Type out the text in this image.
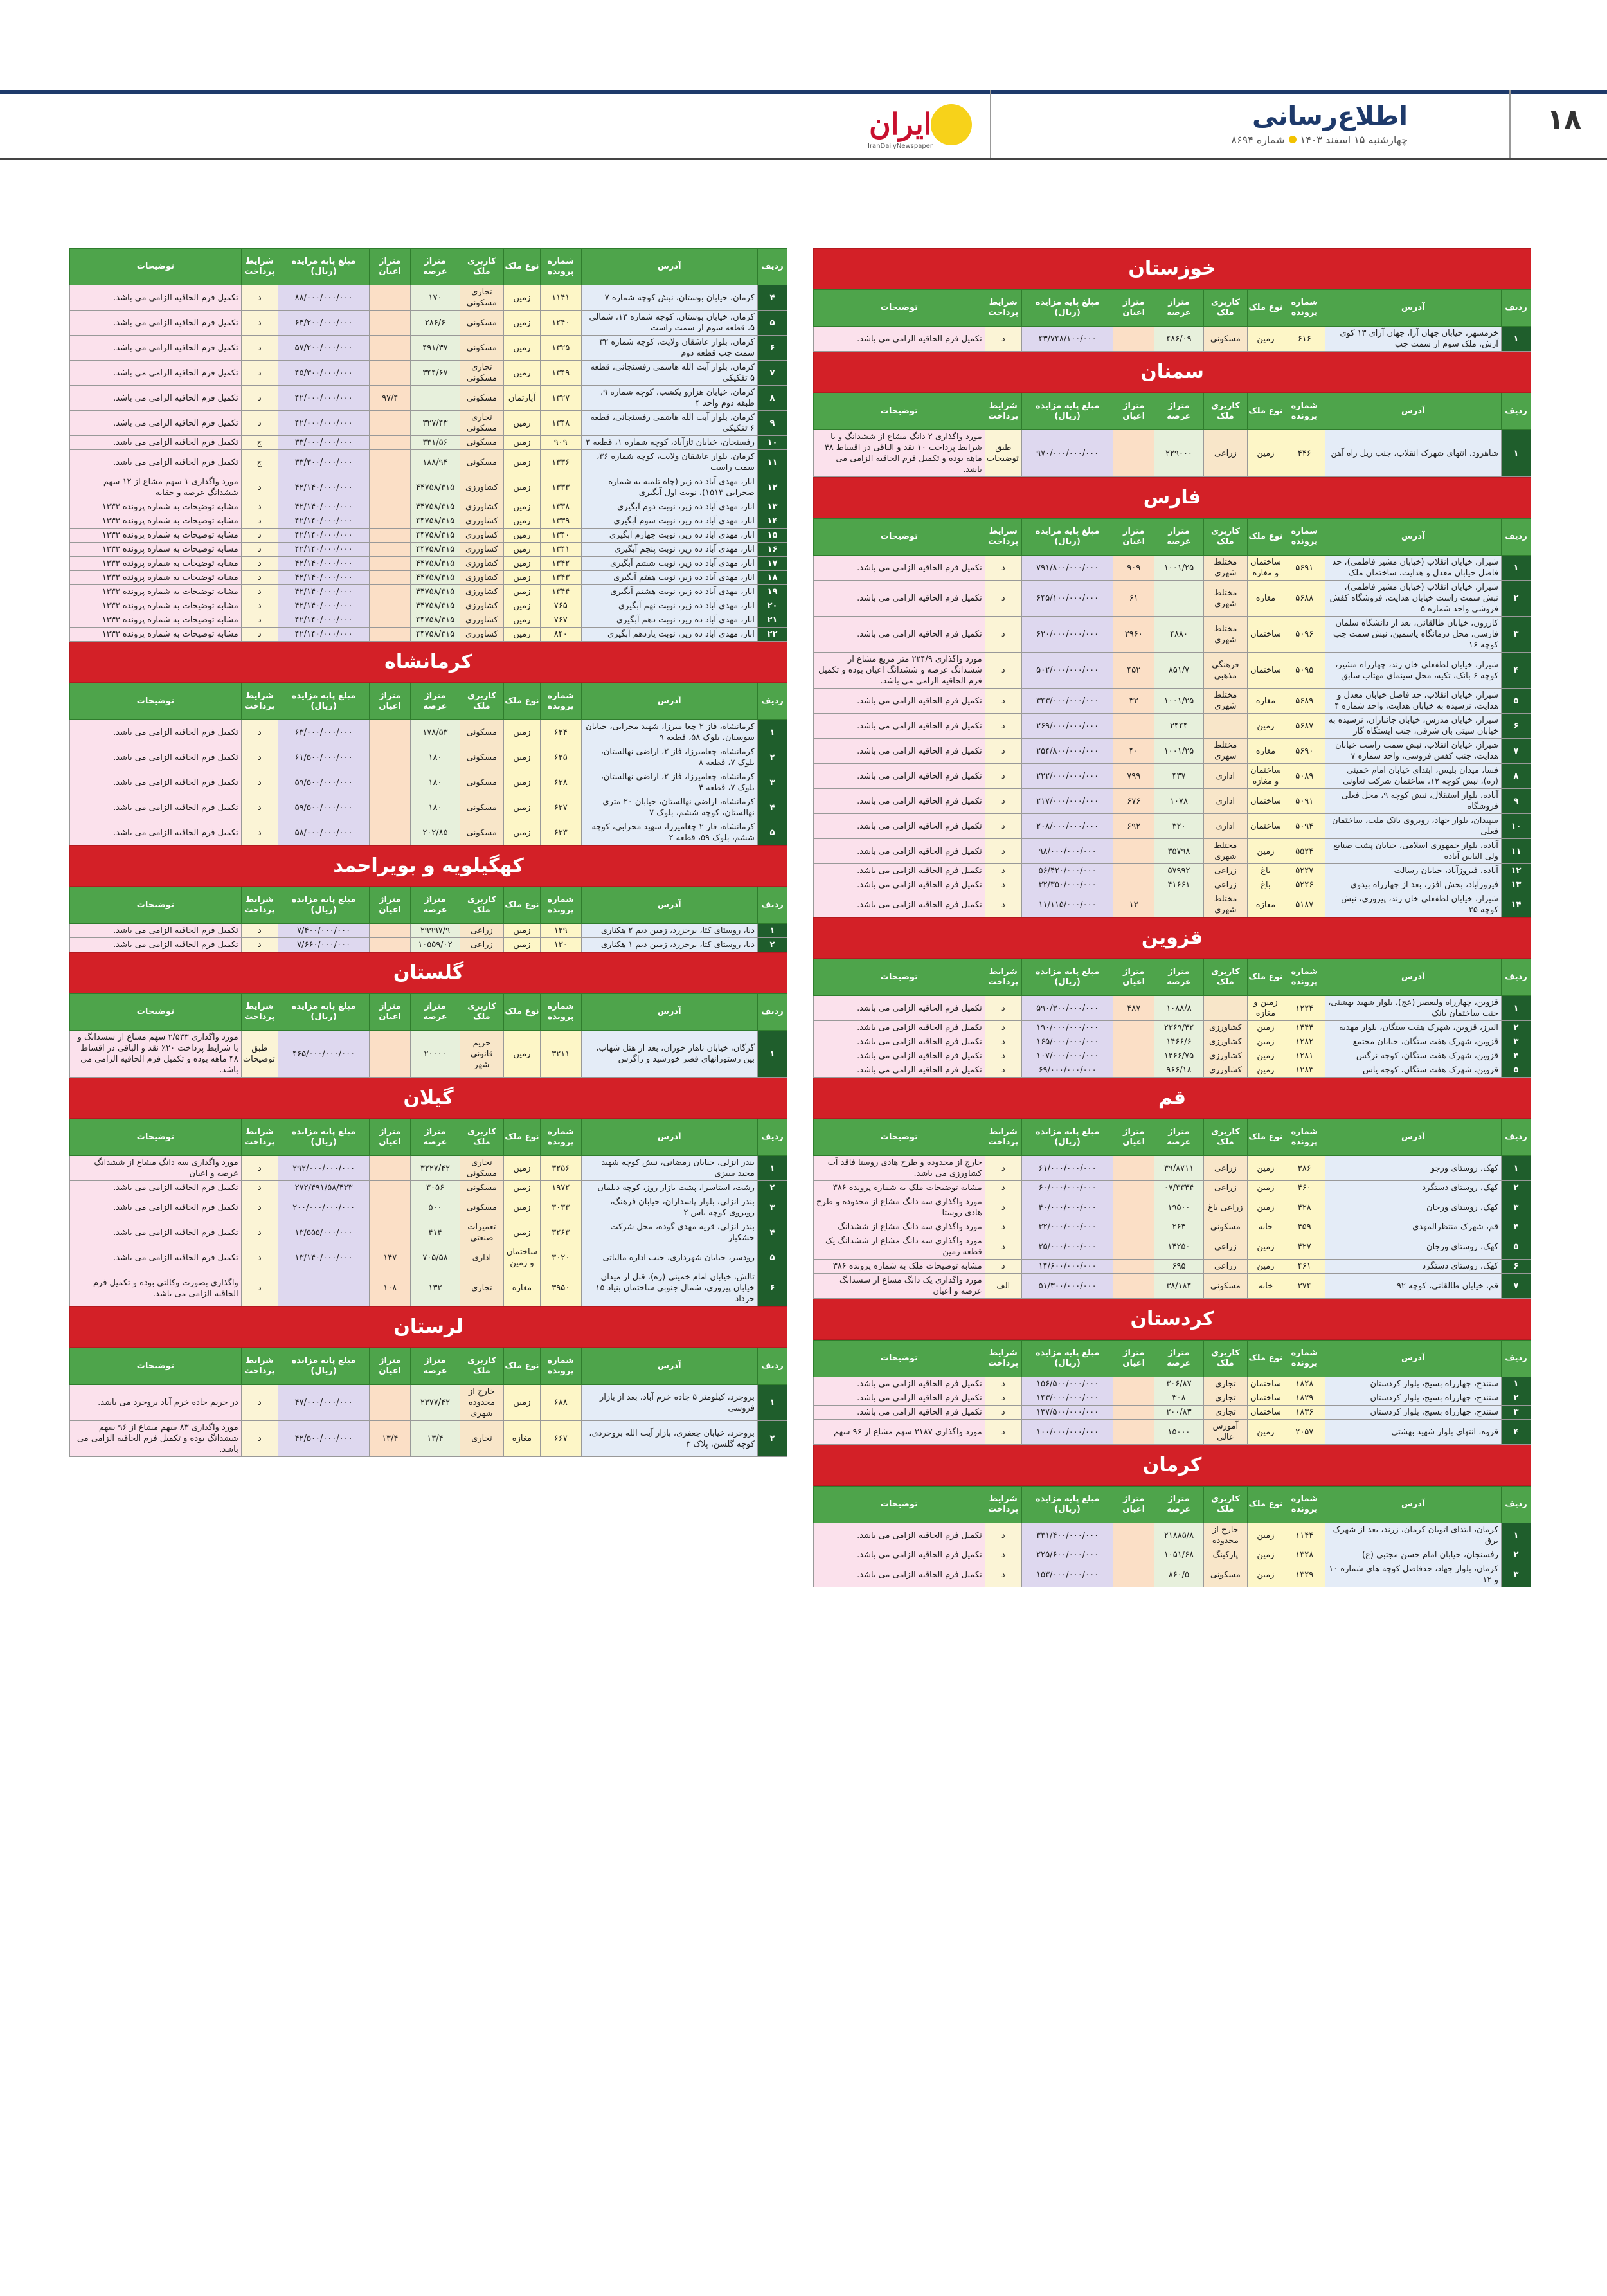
۱۸
اطلاع‌رسانی
چهارشنبه ۱۵ اسفند ۱۴۰۳شماره ۸۶۹۴
ایران
IranDailyNewspaper
خوزستان
ردیف	آدرس	شماره پرونده	نوع ملک	کاربری ملک	متراژ عرصه	متراژ اعیان	مبلغ پایه مزایده (ریال)	شرایط پرداخت	توضیحات
۱	خرمشهر، خیابان جهان آرا، جهان آرای ۱۳ کوی آرش، ملک سوم از سمت چپ	۶۱۶	زمین	مسکونی	۴۸۶/۰۹		۴۳/۷۴۸/۱۰۰/۰۰۰	د	تکمیل فرم الحاقیه الزامی می باشد.
سمنان
ردیف	آدرس	شماره پرونده	نوع ملک	کاربری ملک	متراژ عرصه	متراژ اعیان	مبلغ پایه مزایده (ریال)	شرایط پرداخت	توضیحات
۱	شاهرود، انتهای شهرک انقلاب، جنب ریل راه آهن	۴۴۶	زمین	زراعی	۲۲۹۰۰۰		۹۷۰/۰۰۰/۰۰۰/۰۰۰	طبق توضیحات	مورد واگذاری ۲ دانگ مشاع از ششدانگ و با شرایط پرداخت ۱۰ نقد و الباقی در اقساط ۴۸ ماهه بوده و تکمیل فرم الحاقیه الزامی می باشد.
فارس
ردیف	آدرس	شماره پرونده	نوع ملک	کاربری ملک	متراژ عرصه	متراژ اعیان	مبلغ پایه مزایده (ریال)	شرایط پرداخت	توضیحات
۱	شیراز، خیابان انقلاب (خیابان مشیر فاطمی)، حد فاصل خیابان معدل و هدایت، ساختمان ملک	۵۶۹۱	ساختمان و مغازه	مختلط شهری	۱۰۰۱/۲۵	۹۰۹	۷۹۱/۸۰۰/۰۰۰/۰۰۰	د	تکمیل فرم الحاقیه الزامی می باشد.
۲	شیراز، خیابان انقلاب (خیابان مشیر فاطمی)، نبش سمت راست خیابان هدایت، فروشگاه کفش فروشی واحد شماره ۵	۵۶۸۸	مغازه	مختلط شهری		۶۱	۶۴۵/۱۰۰/۰۰۰/۰۰۰	د	تکمیل فرم الحاقیه الزامی می باشد.
۳	کازرون، خیابان طالقانی، بعد از دانشگاه سلمان فارسی، محل درمانگاه یاسمین، نبش سمت چپ کوچه ۱۶	۵۰۹۶	ساختمان	مختلط شهری	۴۸۸۰	۲۹۶۰	۶۲۰/۰۰۰/۰۰۰/۰۰۰	د	تکمیل فرم الحاقیه الزامی می باشد.
۴	شیراز، خیابان لطفعلی خان زند، چهارراه مشیر، کوچه ۶ بانک، تکیه، محل سینمای مهتاب سابق	۵۰۹۵	ساختمان	فرهنگی مذهبی	۸۵۱/۷	۴۵۲	۵۰۲/۰۰۰/۰۰۰/۰۰۰	د	مورد واگذاری ۲۲۴/۹ متر مربع مشاع از ششدانگ عرصه و ششدانگ اعیان بوده و تکمیل فرم الحاقیه الزامی می باشد.
۵	شیراز، خیابان انقلاب، حد فاصل خیابان معدل و هدایت، نرسیده به خیابان هدایت، واحد شماره ۴	۵۶۸۹	مغازه	مختلط شهری	۱۰۰۱/۲۵	۳۲	۳۴۳/۰۰۰/۰۰۰/۰۰۰	د	تکمیل فرم الحاقیه الزامی می باشد.
۶	شیراز، خیابان مدرس، خیابان جانبازان، نرسیده به خیابان سیتی بان شرقی، جنب ایستگاه گاز	۵۶۸۷	زمین		۲۴۴۴		۲۶۹/۰۰۰/۰۰۰/۰۰۰	د	تکمیل فرم الحاقیه الزامی می باشد.
۷	شیراز، خیابان انقلاب، نبش سمت راست خیابان هدایت، جنب کفش فروشی، واحد شماره ۷	۵۶۹۰	مغازه	مختلط شهری	۱۰۰۱/۲۵	۴۰	۲۵۴/۸۰۰/۰۰۰/۰۰۰	د	تکمیل فرم الحاقیه الزامی می باشد.
۸	فسا، میدان بلیس، ابتدای خیابان امام خمینی (ره)، نبش کوچه ۱۲، ساختمان شرکت تعاونی	۵۰۸۹	ساختمان و مغازه	اداری	۴۳۷	۷۹۹	۲۲۲/۰۰۰/۰۰۰/۰۰۰	د	تکمیل فرم الحاقیه الزامی می باشد.
۹	آباده، بلوار استقلال، نبش کوچه ۹، محل فعلی فروشگاه	۵۰۹۱	ساختمان	اداری	۱۰۷۸	۶۷۶	۲۱۷/۰۰۰/۰۰۰/۰۰۰	د	تکمیل فرم الحاقیه الزامی می باشد.
۱۰	سپیدان، بلوار جهاد، روبروی بانک ملت، ساختمان فعلی	۵۰۹۴	ساختمان	اداری	۳۲۰	۶۹۲	۲۰۸/۰۰۰/۰۰۰/۰۰۰	د	تکمیل فرم الحاقیه الزامی می باشد.
۱۱	آباده، بلوار جمهوری اسلامی، خیابان پشت صنایع ولی الیاس آباده	۵۵۲۴	زمین	مختلط شهری	۳۵۷۹۸		۹۸/۰۰۰/۰۰۰/۰۰۰	د	تکمیل فرم الحاقیه الزامی می باشد.
۱۲	آباده، فیروزآباد، خیابان رسالت	۵۲۲۷	باغ	زراعی	۵۷۹۹۲		۵۶/۴۲۰/۰۰۰/۰۰۰	د	تکمیل فرم الحاقیه الزامی می باشد.
۱۳	فیروزآباد، بخش افزر، بعد از چهارراه بیدوی	۵۲۲۶	باغ	زراعی	۴۱۶۶۱		۳۲/۳۵۰/۰۰۰/۰۰۰	د	تکمیل فرم الحاقیه الزامی می باشد.
۱۴	شیراز، خیابان لطفعلی خان زند، پیروزی، نبش کوچه ۳۵	۵۱۸۷	مغازه	مختلط شهری		۱۳	۱۱/۱۱۵/۰۰۰/۰۰۰	د	تکمیل فرم الحاقیه الزامی می باشد.
قزوین
ردیف	آدرس	شماره پرونده	نوع ملک	کاربری ملک	متراژ عرصه	متراژ اعیان	مبلغ پایه مزایده (ریال)	شرایط پرداخت	توضیحات
۱	قزوین، چهارراه ولیعصر (عج)، بلوار شهید بهشتی، جنب ساختمان بانک	۱۲۲۴	زمین و مغازه		۱۰۸۸/۸	۴۸۷	۵۹۰/۳۰۰/۰۰۰/۰۰۰	د	تکمیل فرم الحاقیه الزامی می باشد.
۲	البرز، قزوین، شهرک هفت ستگان، بلوار مهدیه	۱۴۴۴	زمین	کشاورزی	۲۳۶۹/۴۲		۱۹۰/۰۰۰/۰۰۰/۰۰۰	د	تکمیل فرم الحاقیه الزامی می باشد.
۳	قزوین، شهرک هفت ستگان، خیابان مجتمع	۱۲۸۲	زمین	کشاورزی	۱۴۶۶/۶		۱۶۵/۰۰۰/۰۰۰/۰۰۰	د	تکمیل فرم الحاقیه الزامی می باشد.
۴	قزوین، شهرک هفت ستگان، کوچه نرگس	۱۲۸۱	زمین	کشاورزی	۱۴۶۶/۷۵		۱۰۷/۰۰۰/۰۰۰/۰۰۰	د	تکمیل فرم الحاقیه الزامی می باشد.
۵	قزوین، شهرک هفت ستگان، کوچه یاس	۱۲۸۳	زمین	کشاورزی	۹۶۶/۱۸		۶۹/۰۰۰/۰۰۰/۰۰۰	د	تکمیل فرم الحاقیه الزامی می باشد.
قم
ردیف	آدرس	شماره پرونده	نوع ملک	کاربری ملک	متراژ عرصه	متراژ اعیان	مبلغ پایه مزایده (ریال)	شرایط پرداخت	توضیحات
۱	کهک، روستای ورجو	۳۸۶	زمین	زراعی	۳۹/۸۷۱۱		۶۱/۰۰۰/۰۰۰/۰۰۰	د	خارج از محدوده و طرح هادی روستا فاقد آب کشاورزی می باشد.
۲	کهک، روستای دستگرد	۴۶۰	زمین	زراعی	۰۷/۳۳۴۴		۶۰/۰۰۰/۰۰۰/۰۰۰	د	مشابه توضیحات ملک به شماره پرونده ۳۸۶
۳	کهک، روستای ورجان	۴۲۸	زمین	زراعی باغ	۱۹۵۰۰		۴۰/۰۰۰/۰۰۰/۰۰۰	د	مورد واگذاری سه دانگ مشاع از محدوده و طرح هادی روستا
۴	قم، شهرک منتظرالمهدی	۴۵۹	خانه	مسکونی	۲۶۴		۳۲/۰۰۰/۰۰۰/۰۰۰	د	مورد واگذاری سه دانگ مشاع از ششدانگ
۵	کهک، روستای ورجان	۴۲۷	زمین	زراعی	۱۴۲۵۰		۲۵/۰۰۰/۰۰۰/۰۰۰	د	مورد واگذاری سه دانگ مشاع از ششدانگ یک قطعه زمین
۶	کهک، روستای دستگرد	۴۶۱	زمین	زراعی	۶۹۵		۱۴/۶۰۰/۰۰۰/۰۰۰	د	مشابه توضیحات ملک به شماره پرونده ۳۸۶
۷	قم، خیابان طالقانی، کوچه ۹۲	۳۷۴	خانه	مسکونی	۳۸/۱۸۴		۵۱/۳۰۰/۰۰۰/۰۰۰	الف	مورد واگذاری یک دانگ مشاع از ششدانگ عرصه و اعیان
کردستان
ردیف	آدرس	شماره پرونده	نوع ملک	کاربری ملک	متراژ عرصه	متراژ اعیان	مبلغ پایه مزایده (ریال)	شرایط پرداخت	توضیحات
۱	سنندج، چهارراه بسیج، بلوار کردستان	۱۸۲۸	ساختمان	تجاری	۳۰۶/۸۷		۱۵۶/۵۰۰/۰۰۰/۰۰۰	د	تکمیل فرم الحاقیه الزامی می باشد.
۲	سنندج، چهارراه بسیج، بلوار کردستان	۱۸۲۹	ساختمان	تجاری	۳۰۸		۱۴۳/۰۰۰/۰۰۰/۰۰۰	د	تکمیل فرم الحاقیه الزامی می باشد.
۳	سنندج، چهارراه بسیج، بلوار کردستان	۱۸۳۶	ساختمان	تجاری	۲۰۰/۸۳		۱۳۷/۵۰۰/۰۰۰/۰۰۰	د	تکمیل فرم الحاقیه الزامی می باشد.
۴	قروه، انتهای بلوار شهید بهشتی	۲۰۵۷	زمین	آموزش عالی	۱۵۰۰۰		۱۰۰/۰۰۰/۰۰۰/۰۰۰	د	مورد واگذاری ۲۱۸۷ سهم مشاع از ۹۶ سهم
کرمان
ردیف	آدرس	شماره پرونده	نوع ملک	کاربری ملک	متراژ عرصه	متراژ اعیان	مبلغ پایه مزایده (ریال)	شرایط پرداخت	توضیحات
۱	کرمان، ابتدای اتوبان کرمان، زرند، بعد از شهرک برق	۱۱۴۴	زمین	خارج از محدوده	۲۱۸۸۵/۸		۳۳۱/۴۰۰/۰۰۰/۰۰۰	د	تکمیل فرم الحاقیه الزامی می باشد.
۲	رفسنجان، خیابان امام حسن مجتبی (ع)	۱۳۲۸	زمین	پارکینگ	۱۰۵۱/۶۸		۲۲۵/۶۰۰/۰۰۰/۰۰۰	د	تکمیل فرم الحاقیه الزامی می باشد.
۳	کرمان، بلوار جهاد، حدفاصل کوچه های شماره ۱۰ و ۱۲	۱۳۲۹	زمین	مسکونی	۸۶۰/۵		۱۵۳/۰۰۰/۰۰۰/۰۰۰	د	تکمیل فرم الحاقیه الزامی می باشد.
ردیف	آدرس	شماره پرونده	نوع ملک	کاربری ملک	متراژ عرصه	متراژ اعیان	مبلغ پایه مزایده (ریال)	شرایط پرداخت	توضیحات
۴	کرمان، خیابان بوستان، نبش کوچه شماره ۷	۱۱۴۱	زمین	تجاری مسکونی	۱۷۰		۸۸/۰۰۰/۰۰۰/۰۰۰	د	تکمیل فرم الحاقیه الزامی می باشد.
۵	کرمان، خیابان بوستان، کوچه شماره ۱۳، شمالی ۵، قطعه سوم از سمت راست	۱۲۴۰	زمین	مسکونی	۲۸۶/۶		۶۴/۲۰۰/۰۰۰/۰۰۰	د	تکمیل فرم الحاقیه الزامی می باشد.
۶	کرمان، بلوار عاشقان ولایت، کوچه شماره ۳۲ سمت چپ قطعه دوم	۱۳۲۵	زمین	مسکونی	۴۹۱/۳۷		۵۷/۲۰۰/۰۰۰/۰۰۰	د	تکمیل فرم الحاقیه الزامی می باشد.
۷	کرمان، بلوار آیت الله هاشمی رفسنجانی، قطعه ۵ تفکیکی	۱۳۴۹	زمین	تجاری مسکونی	۳۴۴/۶۷		۴۵/۳۰۰/۰۰۰/۰۰۰	د	تکمیل فرم الحاقیه الزامی می باشد.
۸	کرمان، خیابان هزارو یکشب، کوچه شماره ۹، طبقه دوم واحد ۴	۱۳۲۷	آپارتمان	مسکونی		۹۷/۴	۴۲/۰۰۰/۰۰۰/۰۰۰	د	تکمیل فرم الحاقیه الزامی می باشد.
۹	کرمان، بلوار آیت الله هاشمی رفسنجانی، قطعه ۶ تفکیکی	۱۳۴۸	زمین	تجاری مسکونی	۳۲۷/۴۳		۴۲/۰۰۰/۰۰۰/۰۰۰	د	تکمیل فرم الحاقیه الزامی می باشد.
۱۰	رفسنجان، خیابان تازآباد، کوچه شماره ۱، قطعه ۳	۹۰۹	زمین	مسکونی	۳۳۱/۵۶		۳۳/۰۰۰/۰۰۰/۰۰۰	ج	تکمیل فرم الحاقیه الزامی می باشد.
۱۱	کرمان، بلوار عاشقان ولایت، کوچه شماره ۳۶، سمت راست	۱۳۳۶	زمین	مسکونی	۱۸۸/۹۴		۳۳/۳۰۰/۰۰۰/۰۰۰	ج	تکمیل فرم الحاقیه الزامی می باشد.
۱۲	انار، مهدی آباد ده زیر (چاه تلمبه به شماره صحرایی ۱۵۱۳)، نوبت اول آبگیری	۱۳۳۳	زمین	کشاورزی	۴۴۷۵۸/۳۱۵		۴۲/۱۴۰/۰۰۰/۰۰۰	د	مورد واگذاری ۱ سهم مشاع از ۱۲ سهم ششدانگ عرصه و حقابه
۱۳	انار، مهدی آباد ده زیر، نوبت دوم آبگیری	۱۳۳۸	زمین	کشاورزی	۴۴۷۵۸/۳۱۵		۴۲/۱۴۰/۰۰۰/۰۰۰	د	مشابه توضیحات به شماره پرونده ۱۳۳۳
۱۴	انار، مهدی آباد ده زیر، نوبت سوم آبگیری	۱۳۳۹	زمین	کشاورزی	۴۴۷۵۸/۳۱۵		۴۲/۱۴۰/۰۰۰/۰۰۰	د	مشابه توضیحات به شماره پرونده ۱۳۳۳
۱۵	انار، مهدی آباد ده زیر، نوبت چهارم آبگیری	۱۳۴۰	زمین	کشاورزی	۴۴۷۵۸/۳۱۵		۴۲/۱۴۰/۰۰۰/۰۰۰	د	مشابه توضیحات به شماره پرونده ۱۳۳۳
۱۶	انار، مهدی آباد ده زیر، نوبت پنجم آبگیری	۱۳۴۱	زمین	کشاورزی	۴۴۷۵۸/۳۱۵		۴۲/۱۴۰/۰۰۰/۰۰۰	د	مشابه توضیحات به شماره پرونده ۱۳۳۳
۱۷	انار، مهدی آباد ده زیر، نوبت ششم آبگیری	۱۳۴۲	زمین	کشاورزی	۴۴۷۵۸/۳۱۵		۴۲/۱۴۰/۰۰۰/۰۰۰	د	مشابه توضیحات به شماره پرونده ۱۳۳۳
۱۸	انار، مهدی آباد ده زیر، نوبت هفتم آبگیری	۱۳۴۳	زمین	کشاورزی	۴۴۷۵۸/۳۱۵		۴۲/۱۴۰/۰۰۰/۰۰۰	د	مشابه توضیحات به شماره پرونده ۱۳۳۳
۱۹	انار، مهدی آباد ده زیر، نوبت هشتم آبگیری	۱۳۴۴	زمین	کشاورزی	۴۴۷۵۸/۳۱۵		۴۲/۱۴۰/۰۰۰/۰۰۰	د	مشابه توضیحات به شماره پرونده ۱۳۳۳
۲۰	انار، مهدی آباد ده زیر، نوبت نهم آبگیری	۷۶۵	زمین	کشاورزی	۴۴۷۵۸/۳۱۵		۴۲/۱۴۰/۰۰۰/۰۰۰	د	مشابه توضیحات به شماره پرونده ۱۳۳۳
۲۱	انار، مهدی آباد ده زیر، نوبت دهم آبگیری	۷۶۷	زمین	کشاورزی	۴۴۷۵۸/۳۱۵		۴۲/۱۴۰/۰۰۰/۰۰۰	د	مشابه توضیحات به شماره پرونده ۱۳۳۳
۲۲	انار، مهدی آباد ده زیر، نوبت یازدهم آبگیری	۸۴۰	زمین	کشاورزی	۴۴۷۵۸/۳۱۵		۴۲/۱۴۰/۰۰۰/۰۰۰	د	مشابه توضیحات به شماره پرونده ۱۳۳۳
کرمانشاه
ردیف	آدرس	شماره پرونده	نوع ملک	کاربری ملک	متراژ عرصه	متراژ اعیان	مبلغ پایه مزایده (ریال)	شرایط پرداخت	توضیحات
۱	کرمانشاه، فاز ۲ چغا میرزا، شهید محرابی، خیابان سوسنان، بلوک ۵۸، قطعه ۹	۶۲۴	زمین	مسکونی	۱۷۸/۵۳		۶۳/۰۰۰/۰۰۰/۰۰۰	د	تکمیل فرم الحاقیه الزامی می باشد.
۲	کرمانشاه، چغامیرزا، فاز ۲، اراضی نهالستان، بلوک ۷، قطعه ۸	۶۲۵	زمین	مسکونی	۱۸۰		۶۱/۵۰۰/۰۰۰/۰۰۰	د	تکمیل فرم الحاقیه الزامی می باشد.
۳	کرمانشاه، چغامیرزا، فاز ۲، اراضی نهالستان، بلوک ۷، قطعه ۴	۶۲۸	زمین	مسکونی	۱۸۰		۵۹/۵۰۰/۰۰۰/۰۰۰	د	تکمیل فرم الحاقیه الزامی می باشد.
۴	کرمانشاه، اراضی نهالستان، خیابان ۲۰ متری نهالستان، کوچه ششم، بلوک ۷	۶۲۷	زمین	مسکونی	۱۸۰		۵۹/۵۰۰/۰۰۰/۰۰۰	د	تکمیل فرم الحاقیه الزامی می باشد.
۵	کرمانشاه، فاز ۲ چغامیرزا، شهید محرابی، کوچه ششم، بلوک ۵۹، قطعه ۲	۶۲۳	زمین	مسکونی	۲۰۲/۸۵		۵۸/۰۰۰/۰۰۰/۰۰۰	د	تکمیل فرم الحاقیه الزامی می باشد.
کهگیلویه و بویراحمد
ردیف	آدرس	شماره پرونده	نوع ملک	کاربری ملک	متراژ عرصه	متراژ اعیان	مبلغ پایه مزایده (ریال)	شرایط پرداخت	توضیحات
۱	دنا، روستای کتا، برجزرد، زمین دیم ۲ هکتاری	۱۲۹	زمین	زراعی	۲۹۹۹۷/۹		۷/۴۰۰/۰۰۰/۰۰۰	د	تکمیل فرم الحاقیه الزامی می باشد.
۲	دنا، روستای کتا، برجزرد، زمین دیم ۱ هکتاری	۱۳۰	زمین	زراعی	۱۰۵۵۹/۰۲		۷/۶۶۰/۰۰۰/۰۰۰	د	تکمیل فرم الحاقیه الزامی می باشد.
گلستان
ردیف	آدرس	شماره پرونده	نوع ملک	کاربری ملک	متراژ عرصه	متراژ اعیان	مبلغ پایه مزایده (ریال)	شرایط پرداخت	توضیحات
۱	گرگان، خیابان ناهار خوران، بعد از هتل شهاب، بین رستورانهای قصر خورشید و زاگرس	۳۲۱۱	زمین	حریم قانونی شهر	۲۰۰۰۰		۴۶۵/۰۰۰/۰۰۰/۰۰۰	طبق توضیحات	مورد واگذاری ۲/۵۳۳ سهم مشاع از ششدانگ و با شرایط پرداخت ۲۰٪ نقد و الباقی در اقساط ۴۸ ماهه بوده و تکمیل فرم الحاقیه الزامی می باشد.
گیلان
ردیف	آدرس	شماره پرونده	نوع ملک	کاربری ملک	متراژ عرصه	متراژ اعیان	مبلغ پایه مزایده (ریال)	شرایط پرداخت	توضیحات
۱	بندر انزلی، خیابان رمضانی، نبش کوچه شهید مجید سبزی	۳۲۵۶	زمین	تجاری مسکونی	۳۲۲۷/۴۲		۲۹۲/۰۰۰/۰۰۰/۰۰۰	د	مورد واگذاری سه دانگ مشاع از ششدانگ عرصه و اعیان
۲	رشت، استاسرا، پشت بازار روز، کوچه دیلمان	۱۹۷۲	زمین	مسکونی	۳۰۵۶		۲۷۲/۴۹۱/۵۸/۴۳۳	د	تکمیل فرم الحاقیه الزامی می باشد.
۳	بندر انزلی، بلوار پاسداران، خیابان فرهنگ، روبروی کوچه یاس ۲	۳۰۳۳	زمین	مسکونی	۵۰۰		۲۰۰/۰۰۰/۰۰۰/۰۰۰	د	تکمیل فرم الحاقیه الزامی می باشد.
۴	بندر انزلی، قریه مهدی گوده، محل شرکت خشکبار	۳۲۶۳	زمین	تعمیرات صنعتی	۴۱۴		۱۳/۵۵۵/۰۰۰/۰۰۰	د	تکمیل فرم الحاقیه الزامی می باشد.
۵	رودسر، خیابان شهرداری، جنب اداره مالیاتی	۳۰۲۰	ساختمان و زمین	اداری	۷۰۵/۵۸	۱۴۷	۱۳/۱۴۰/۰۰۰/۰۰۰	د	تکمیل فرم الحاقیه الزامی می باشد.
۶	تالش، خیابان امام خمینی (ره)، قبل از میدان خیابان پیروزی، شمال جنوبی ساختمان بنیاد ۱۵ خرداد	۳۹۵۰	مغازه	تجاری	۱۳۲	۱۰۸		د	واگذاری بصورت وکالتی بوده و تکمیل فرم الحاقیه الزامی می باشد.
لرستان
ردیف	آدرس	شماره پرونده	نوع ملک	کاربری ملک	متراژ عرصه	متراژ اعیان	مبلغ پایه مزایده (ریال)	شرایط پرداخت	توضیحات
۱	بروجرد، کیلومتر ۵ جاده خرم آباد، بعد از بازار فروشی	۶۸۸	زمین	خارج از محدوده شهری	۲۳۷۷/۴۲		۴۷/۰۰۰/۰۰۰/۰۰۰	د	در حریم جاده خرم آباد بروجرد می باشد.
۲	بروجرد، خیابان جعفری، بازار آیت الله بروجردی، کوچه گلشن، پلاک ۳	۶۶۷	مغازه	تجاری	۱۳/۴	۱۳/۴	۴۲/۵۰۰/۰۰۰/۰۰۰	د	مورد واگذاری ۸۳ سهم مشاع از ۹۶ سهم ششدانگ بوده و تکمیل فرم الحاقیه الزامی می باشد.
